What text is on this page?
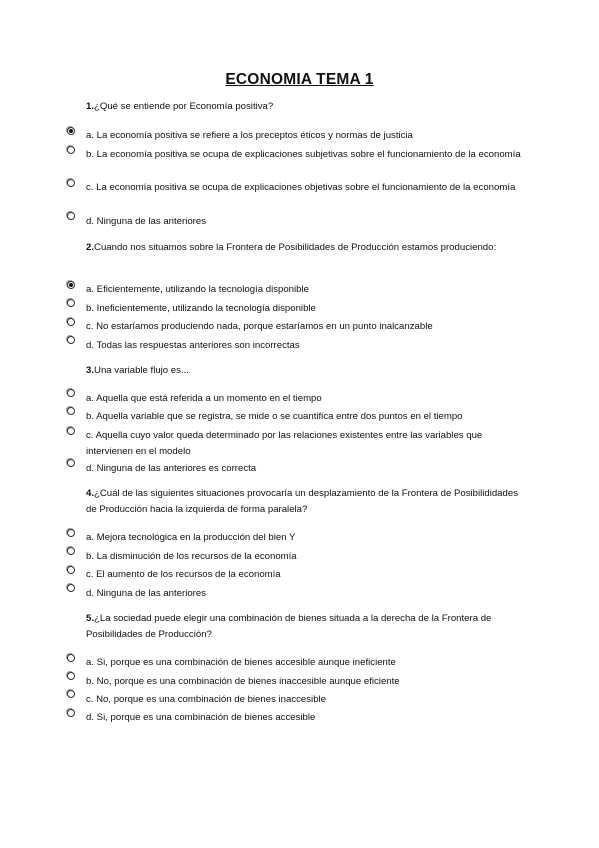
ECONOMIA TEMA 1
1.¿Qué se entiende por Economía positiva?
a. La economía positiva se refiere a los preceptos éticos y normas de justicia
b. La economía positiva se ocupa de explicaciones subjetivas sobre el funcionamiento de la economía
c. La economía positiva se ocupa de explicaciones objetivas sobre el funcionamiento de la economía
d. Ninguna de las anteriores
2.Cuando nos situamos sobre la Frontera de Posibilidades de Producción estamos produciendo:
a. Eficientemente, utilizando la tecnología disponible
b. Ineficientemente, utilizando la tecnología disponible
c. No estaríamos produciendo nada, porque estaríamos en un punto inalcanzable
d. Todas las respuestas anteriores son incorrectas
3.Una variable flujo es...
a. Aquella que está referida a un momento en el tiempo
b. Aquella variable que se registra, se mide o se cuantifica entre dos puntos en el tiempo
c. Aquella cuyo valor queda determinado por las relaciones existentes entre las variables que intervienen en el modelo
d. Ninguna de las anteriores es correcta
4.¿Cuál de las siguientes situaciones provocaría un desplazamiento de la Frontera de Posibilididades de Producción hacia la izquierda de forma paralela?
a. Mejora tecnológica en la producción del bien Y
b. La disminución de los recursos de la economía
c. El aumento de los recursos de la economía
d. Ninguna de las anteriores
5.¿La sociedad puede elegir una combinación de bienes situada a la derecha de la Frontera de Posibilidades de Producción?
a. Si, porque es una combinación de bienes accesible aunque ineficiente
b. No, porque es una combinación de bienes inaccesible aunque eficiente
c. No, porque es una combinación de bienes inaccesible
d. Si, porque es una combinación de bienes accesible
